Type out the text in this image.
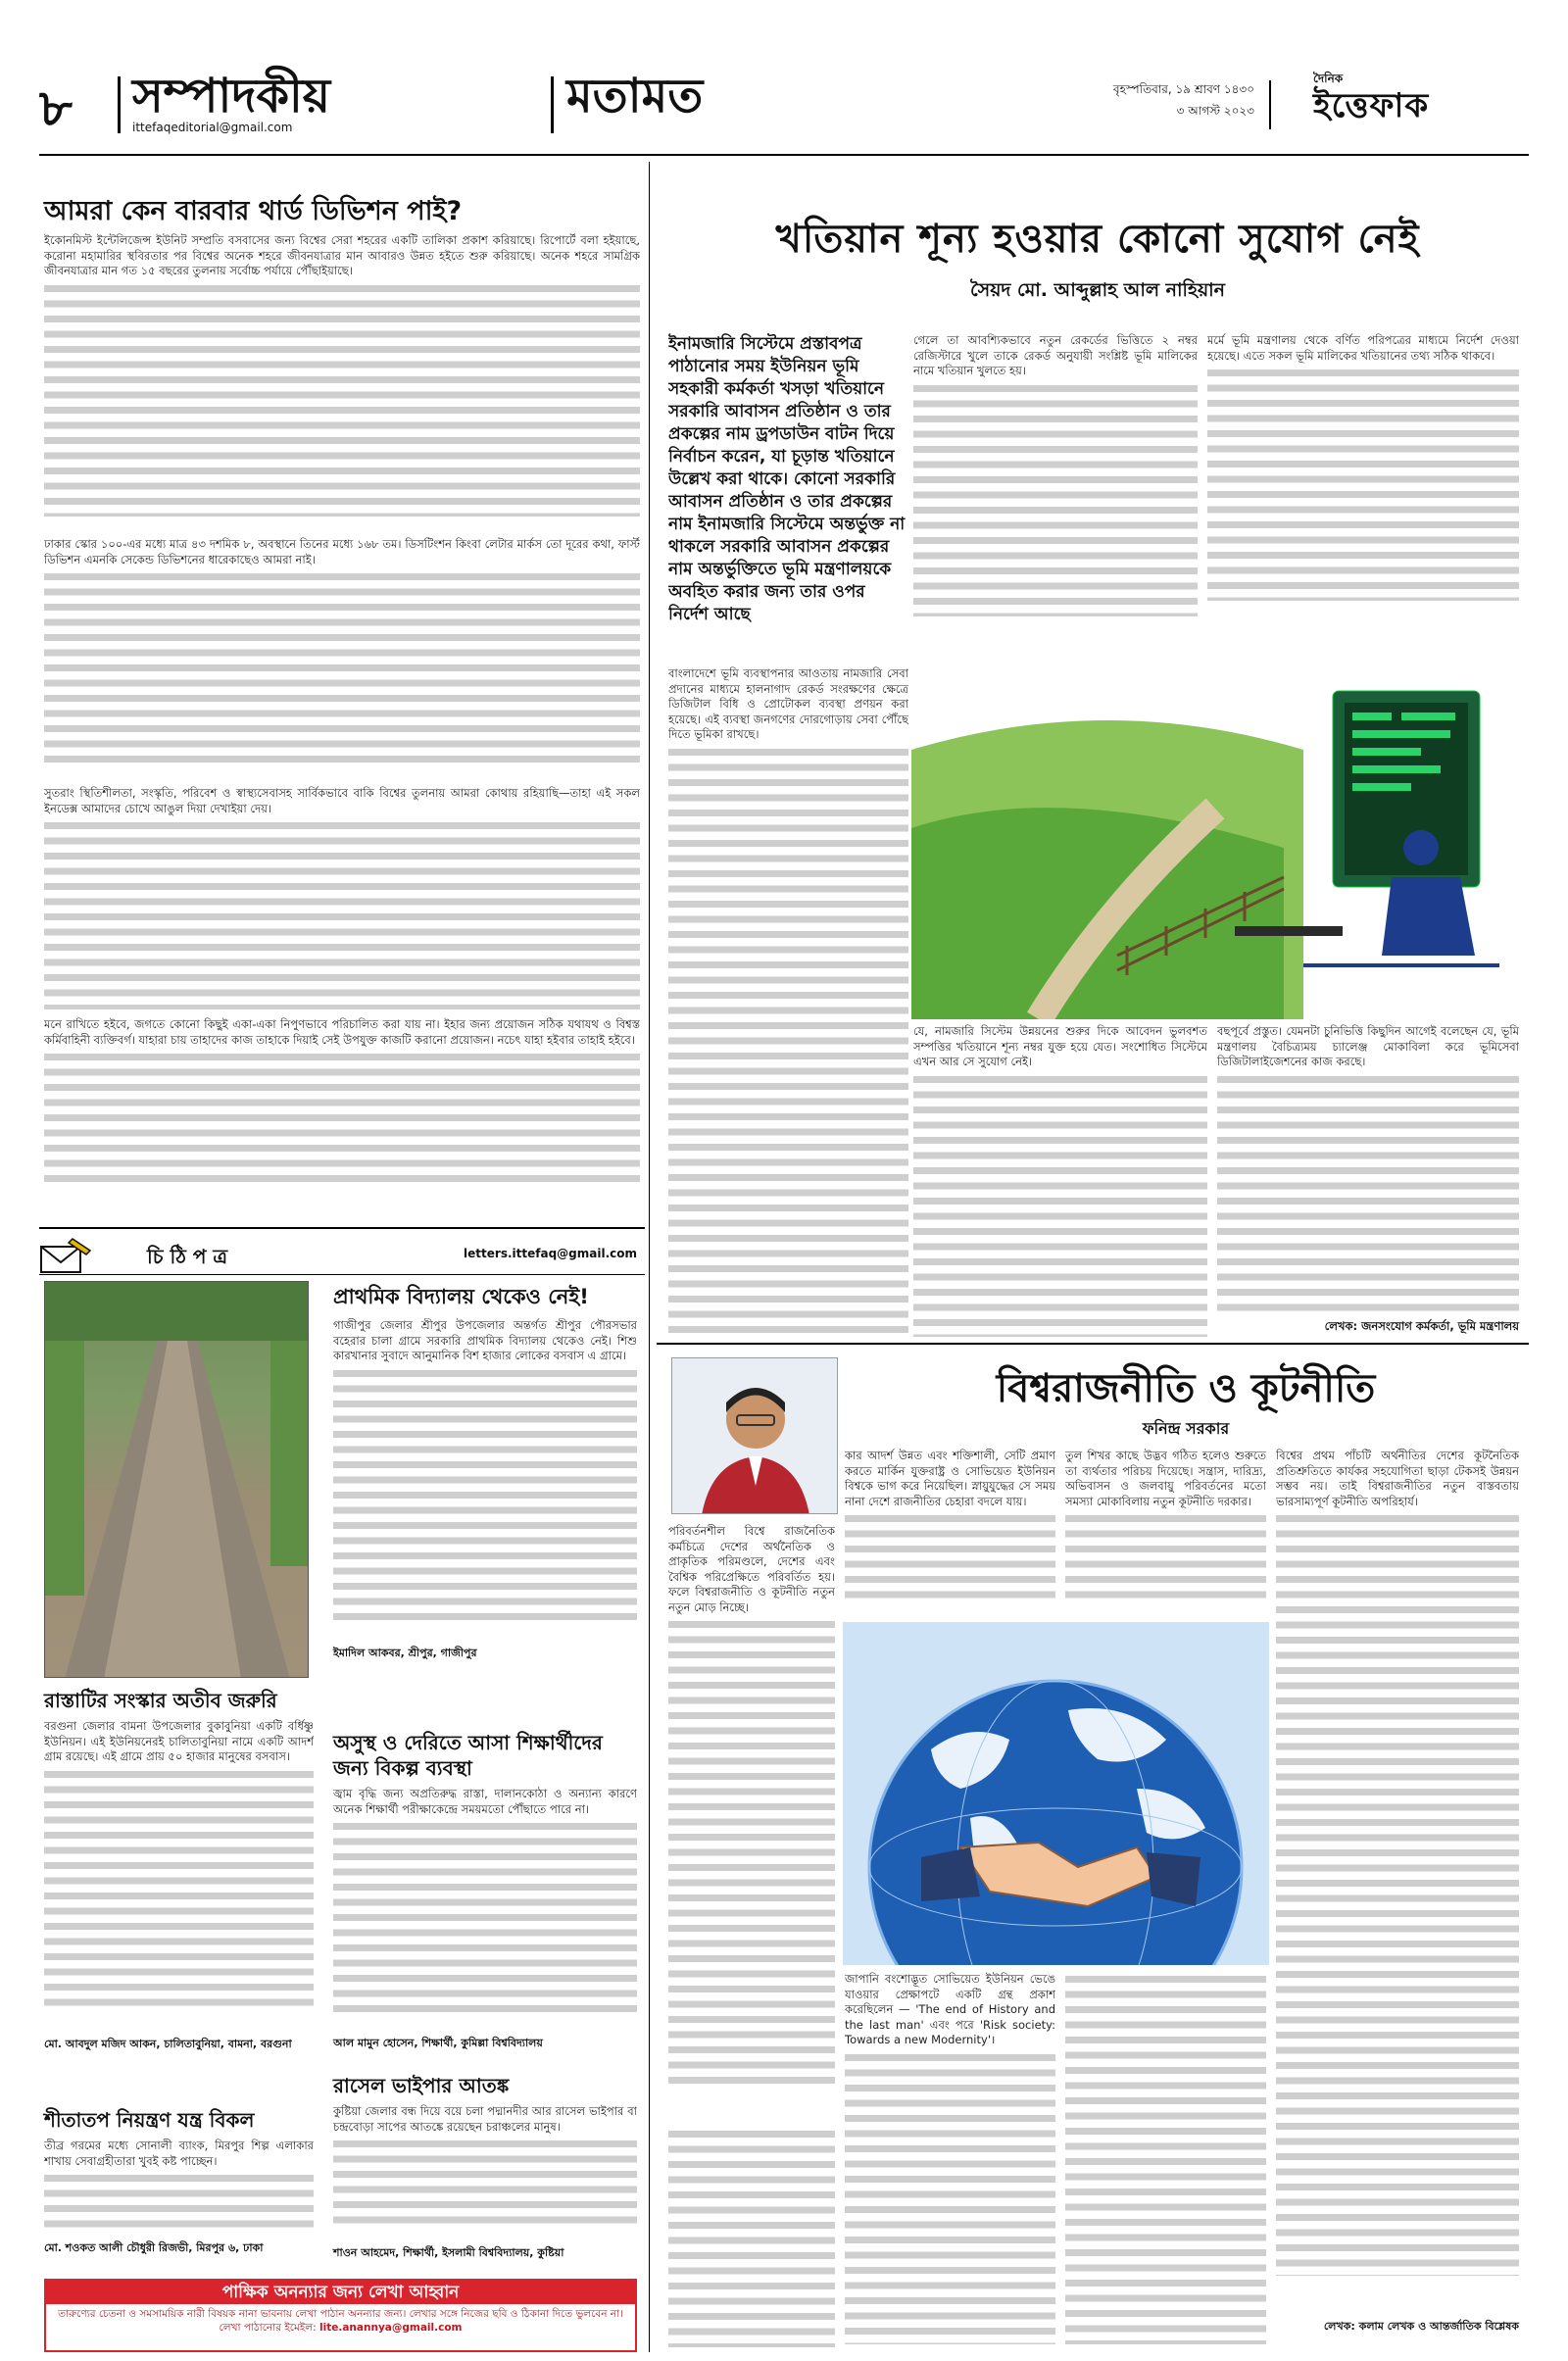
৮	সম্পাদকীয়
ittefaqeditorial@gmail.com
মতামত	বৃহস্পতিবার, ১৯ শ্রাবণ ১৪৩০
৩ আগস্ট ২০২৩
দৈনিক
ইত্তেফাক
আমরা কেন বারবার থার্ড ডিভিশন পাই?
ইকোনমিস্ট ইন্টেলিজেন্স ইউনিট সম্প্রতি বসবাসের জন্য বিশ্বের সেরা শহরের একটি তালিকা প্রকাশ করিয়াছে। রিপোর্টে বলা হইয়াছে, করোনা মহামারির স্থবিরতার পর বিশ্বের অনেক শহরে জীবনযাত্রার মান আবারও উন্নত হইতে শুরু করিয়াছে। অনেক শহরে সামগ্রিক জীবনযাত্রার মান গত ১৫ বছরের তুলনায় সর্বোচ্চ পর্যায়ে পৌঁছাইয়াছে।
ঢাকার স্কোর ১০০-এর মধ্যে মাত্র ৪৩ দশমিক ৮, অবস্থানে তিনের মধ্যে ১৬৮ তম। ডিসটিংশন কিংবা লেটার মার্কস তো দূরের কথা, ফার্স্ট ডিভিশন এমনকি সেকেন্ড ডিভিশনের ধারেকাছেও আমরা নাই।
সুতরাং স্থিতিশীলতা, সংস্কৃতি, পরিবেশ ও স্বাস্থ্যসেবাসহ সার্বিকভাবে বাকি বিশ্বের তুলনায় আমরা কোথায় রহিয়াছি—তাহা এই সকল ইনডেক্স আমাদের চোখে আঙুল দিয়া দেখাইয়া দেয়।
মনে রাখিতে হইবে, জগতে কোনো কিছুই একা-একা নিপুণভাবে পরিচালিত করা যায় না। ইহার জন্য প্রয়োজন সঠিক যথাযথ ও বিশ্বস্ত কর্মিবাহিনী ব্যক্তিবর্গ। যাহারা চায় তাহাদের কাজ তাহাকে দিয়াই সেই উপযুক্ত কাজটি করানো প্রয়োজন। নচেৎ যাহা হইবার তাহাই হইবে।
চি ঠি প ত্র	letters.ittefaq@gmail.com
প্রাথমিক বিদ্যালয় থেকেও নেই!
গাজীপুর জেলার শ্রীপুর উপজেলার অন্তর্গত শ্রীপুর পৌরসভার বহেরার চালা গ্রামে সরকারি প্রাথমিক বিদ্যালয় থেকেও নেই। শিশু কারখানার সুবাদে আনুমানিক বিশ হাজার লোকের বসবাস এ গ্রামে।
ইমাদিল আকবর, শ্রীপুর, গাজীপুর
রাস্তাটির সংস্কার অতীব জরুরি
বরগুনা জেলার বামনা উপজেলার বুকাবুনিয়া একটি বর্ধিষ্ণু ইউনিয়ন। এই ইউনিয়নেরই চালিতাবুনিয়া নামে একটি আদর্শ গ্রাম রয়েছে। এই গ্রামে প্রায় ৫০ হাজার মানুষের বসবাস।
মো. আবদুল মজিদ আকন, চালিতাবুনিয়া, বামনা, বরগুনা
অসুস্থ ও দেরিতে আসা শিক্ষার্থীদের জন্য বিকল্প ব্যবস্থা
জ্বাম বৃদ্ধি জন্য অপ্রতিরুদ্ধ রাস্তা, দালানকোঠা ও অন্যান্য কারণে অনেক শিক্ষার্থী পরীক্ষাকেন্দ্রে সময়মতো পৌঁছাতে পারে না।
আল মামুন হোসেন, শিক্ষার্থী, কুমিল্লা বিশ্ববিদ্যালয়
শীতাতপ নিয়ন্ত্রণ যন্ত্র বিকল
তীব্র গরমের মধ্যে সোনালী ব্যাংক, মিরপুর শিল্প এলাকার শাখায় সেবাগ্রহীতারা খুবই কষ্ট পাচ্ছেন।
মো. শওকত আলী চৌধুরী রিজভী, মিরপুর ৬, ঢাকা
রাসেল ভাইপার আতঙ্ক
কুষ্টিয়া জেলার বন্ধ দিয়ে বয়ে চলা পদ্মানদীর আর রাসেল ভাইপার বা চন্দ্রবোড়া সাপের আতঙ্কে রয়েছেন চরাঞ্চলের মানুষ।
শাওন আহমেদ, শিক্ষার্থী, ইসলামী বিশ্ববিদ্যালয়, কুষ্টিয়া
পাক্ষিক অনন্যার জন্য লেখা আহ্বান
তারুণ্যের চেতনা ও সমসাময়িক নারী বিষয়ক নানা ভাবনায় লেখা পাঠান অনন্যার জন্য। লেখার সঙ্গে নিজের ছবি ও ঠিকানা দিতে ভুলবেন না।
লেখা পাঠানোর ইমেইল: lite.anannya@gmail.com
খতিয়ান শূন্য হওয়ার কোনো সুযোগ নেই
সৈয়দ মো. আব্দুল্লাহ আল নাহিয়ান
ইনামজারি সিস্টেমে প্রস্তাবপত্র পাঠানোর সময় ইউনিয়ন ভূমি সহকারী কর্মকর্তা খসড়া খতিয়ানে সরকারি আবাসন প্রতিষ্ঠান ও তার প্রকল্পের নাম ড্রপডাউন বাটন দিয়ে নির্বাচন করেন, যা চূড়ান্ত খতিয়ানে উল্লেখ করা থাকে। কোনো সরকারি আবাসন প্রতিষ্ঠান ও তার প্রকল্পের নাম ইনামজারি সিস্টেমে অন্তর্ভুক্ত না থাকলে সরকারি আবাসন প্রকল্পের নাম অন্তর্ভুক্তিতে ভূমি মন্ত্রণালয়কে অবহিত করার জন্য তার ওপর নির্দেশ আছে
গেলে তা আবশ্যিকভাবে নতুন রেকর্ডের ভিত্তিতে ২ নম্বর রেজিস্টারে খুলে তাকে রেকর্ড অনুযায়ী সংশ্লিষ্ট ভূমি মালিকের নামে খতিয়ান খুলতে হয়।
মর্মে ভূমি মন্ত্রণালয় থেকে বর্ণিত পরিপত্রের মাধ্যমে নির্দেশ দেওয়া হয়েছে। এতে সকল ভূমি মালিকের খতিয়ানের তথ্য সঠিক থাকবে।
বাংলাদেশে ভূমি ব্যবস্থাপনার আওতায় নামজারি সেবা প্রদানের মাধ্যমে হালনাগাদ রেকর্ড সংরক্ষণের ক্ষেত্রে ডিজিটাল বিধি ও প্রোটোকল ব্যবস্থা প্রণয়ন করা হয়েছে। এই ব্যবস্থা জনগণের দোরগোড়ায় সেবা পৌঁছে দিতে ভূমিকা রাখছে।
যে, নামজারি সিস্টেম উন্নয়নের শুরুর দিকে আবেদন ভুলবশত সম্পত্তির খতিয়ানে শূন্য নম্বর যুক্ত হয়ে যেত। সংশোধিত সিস্টেমে এখন আর সে সুযোগ নেই।
বছপূর্বে প্রস্তুত। যেমনটা চুনিভিত্তি কিছুদিন আগেই বলেছেন যে, ভূমি মন্ত্রণালয় বৈচিত্র্যময় চ্যালেঞ্জ মোকাবিলা করে ভূমিসেবা ডিজিটালাইজেশনের কাজ করছে।
লেখক: জনসংযোগ কর্মকর্তা, ভূমি মন্ত্রণালয়
বিশ্বরাজনীতি ও কূটনীতি
ফনিন্দ্র সরকার
পরিবর্তনশীল বিশ্বে রাজনৈতিক কর্মচিত্রে দেশের অর্থনৈতিক ও প্রাকৃতিক পরিমণ্ডলে, দেশের এবং বৈশ্বিক পরিপ্রেক্ষিতে পরিবর্তিত হয়। ফলে বিশ্বরাজনীতি ও কূটনীতি নতুন নতুন মোড় নিচ্ছে।
কার আদর্শ উন্নত এবং শক্তিশালী, সেটি প্রমাণ করতে মার্কিন যুক্তরাষ্ট্র ও সোভিয়েত ইউনিয়ন বিশ্বকে ভাগ করে নিয়েছিল। স্নায়ুযুদ্ধের সে সময় নানা দেশে রাজনীতির চেহারা বদলে যায়।
তুল শিখর কাছে উদ্ভব গঠিত হলেও শুরুতে তা ব্যর্থতার পরিচয় দিয়েছে। সন্ত্রাস, দারিদ্র্য, অভিবাসন ও জলবায়ু পরিবর্তনের মতো সমস্যা মোকাবিলায় নতুন কূটনীতি দরকার।
বিশ্বের প্রথম পাঁচটি অর্থনীতির দেশের কূটনৈতিক প্রতিশ্রুতিতে কার্যকর সহযোগিতা ছাড়া টেকসই উন্নয়ন সম্ভব নয়। তাই বিশ্বরাজনীতির নতুন বাস্তবতায় ভারসাম্যপূর্ণ কূটনীতি অপরিহার্য।
জাপানি বংশোদ্ভূত সোভিয়েত ইউনিয়ন ভেঙে যাওয়ার প্রেক্ষাপটে একটি গ্রন্থ প্রকাশ করেছিলেন — 'The end of History and the last man' এবং পরে 'Risk society: Towards a new Modernity'।
লেখক: কলাম লেখক ও আন্তর্জাতিক বিশ্লেষক
